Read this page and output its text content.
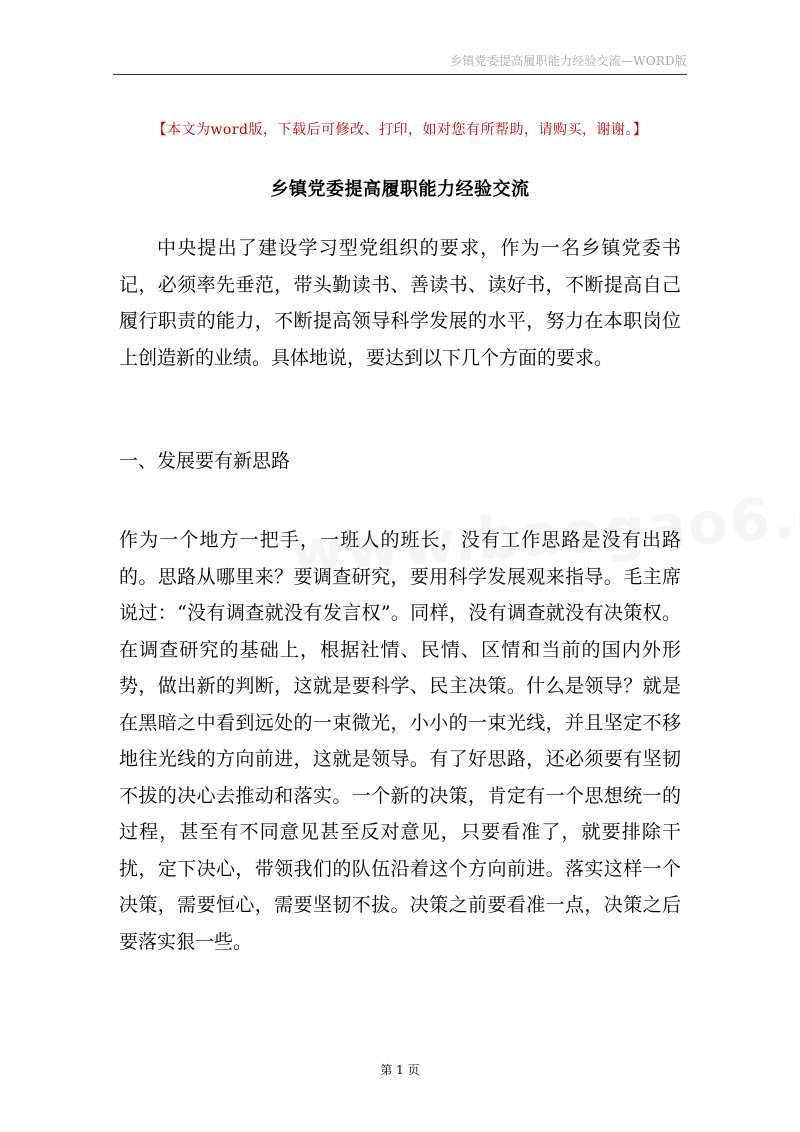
乡镇党委提高履职能力经验交流—WORD版
【本文为word版，下载后可修改、打印，如对您有所帮助，请购买，谢谢。】
乡镇党委提高履职能力经验交流

中央提出了建设学习型党组织的要求，作为一名乡镇党委书记，必须率先垂范，带头勤读书、善读书、读好书，不断提高自己履行职责的能力，不断提高领导科学发展的水平，努力在本职岗位上创造新的业绩。具体地说，要达到以下几个方面的要求。

一、发展要有新思路

作为一个地方一把手，一班人的班长，没有工作思路是没有出路的。思路从哪里来？要调查研究，要用科学发展观来指导。毛主席说过：“没有调查就没有发言权”。同样，没有调查就没有决策权。在调查研究的基础上，根据社情、民情、区情和当前的国内外形势，做出新的判断，这就是要科学、民主决策。什么是领导？就是在黑暗之中看到远处的一束微光，小小的一束光线，并且坚定不移地往光线的方向前进，这就是领导。有了好思路，还必须要有坚韧不拔的决心去推动和落实。一个新的决策，肯定有一个思想统一的过程，甚至有不同意见甚至反对意见，只要看准了，就要排除干扰，定下决心，带领我们的队伍沿着这个方向前进。落实这样一个决策，需要恒心，需要坚韧不拔。决策之前要看准一点，决策之后要落实狠一些。

第 1 页
